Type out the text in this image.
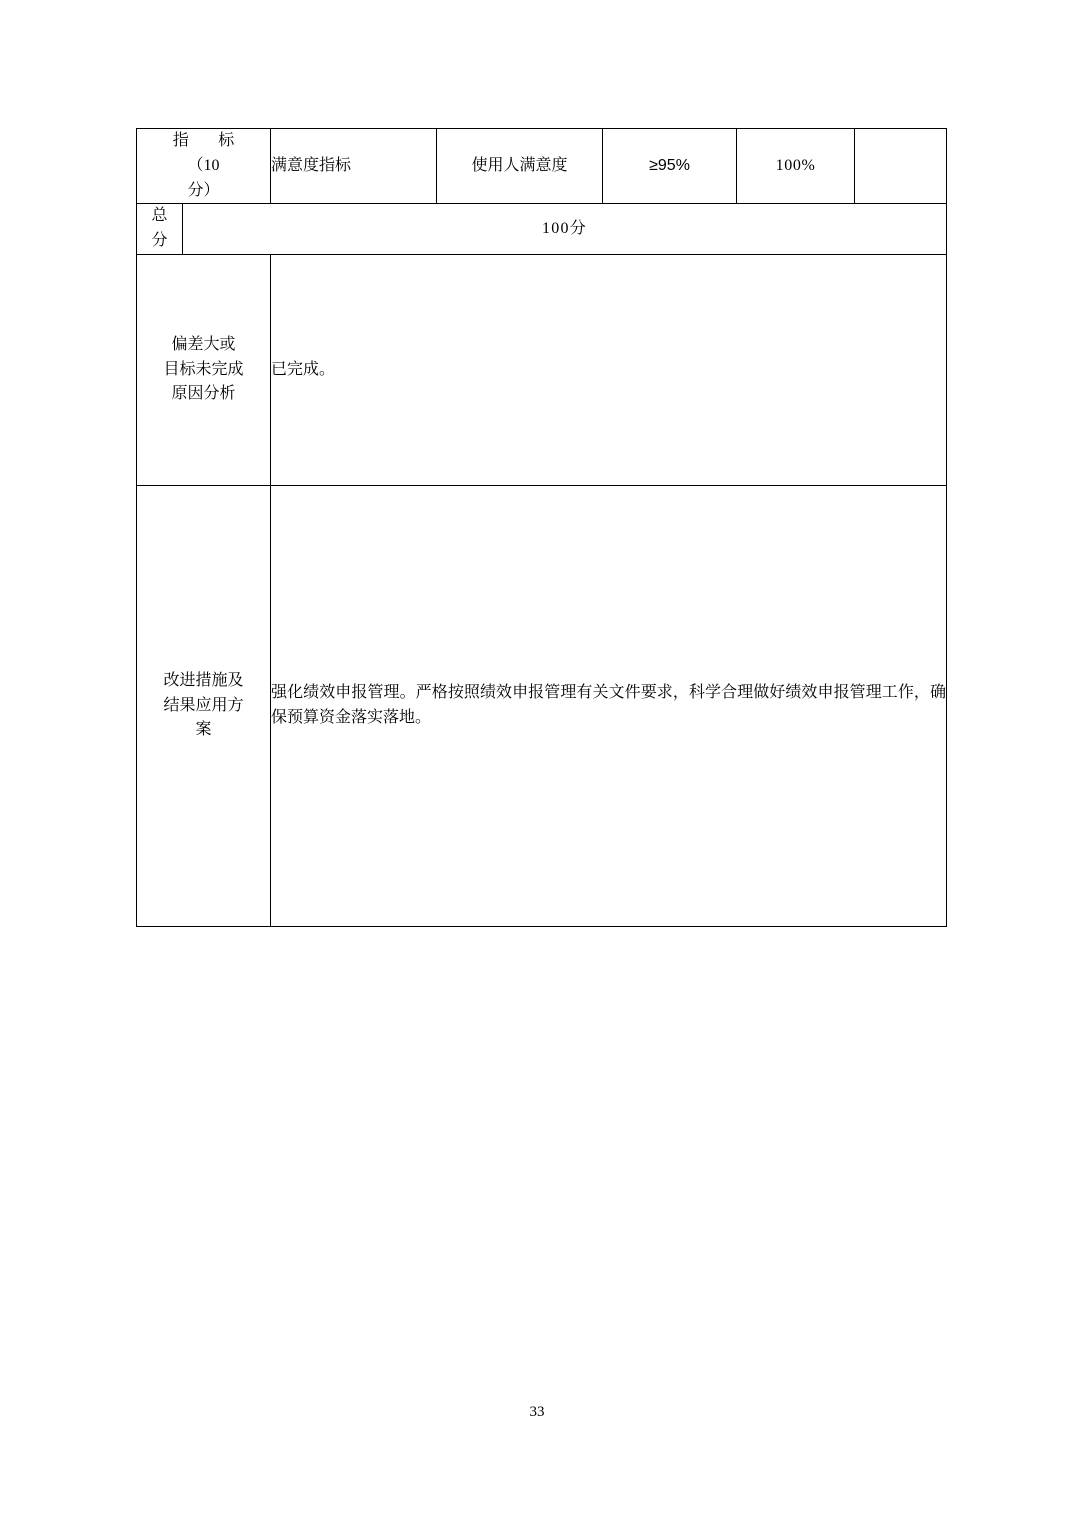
指　标
（10
分）		满意度指标	使用人满意度	≥95%	100%	

总
分	100分					

偏差大或
目标未完成
原因分析		已完成。				

改进措施及
结果应用方
案		强化绩效申报管理。严格按照绩效申报管理有关文件要求，科学合理做好绩效申报管理工作，确保预算资金落实落地。				
33
